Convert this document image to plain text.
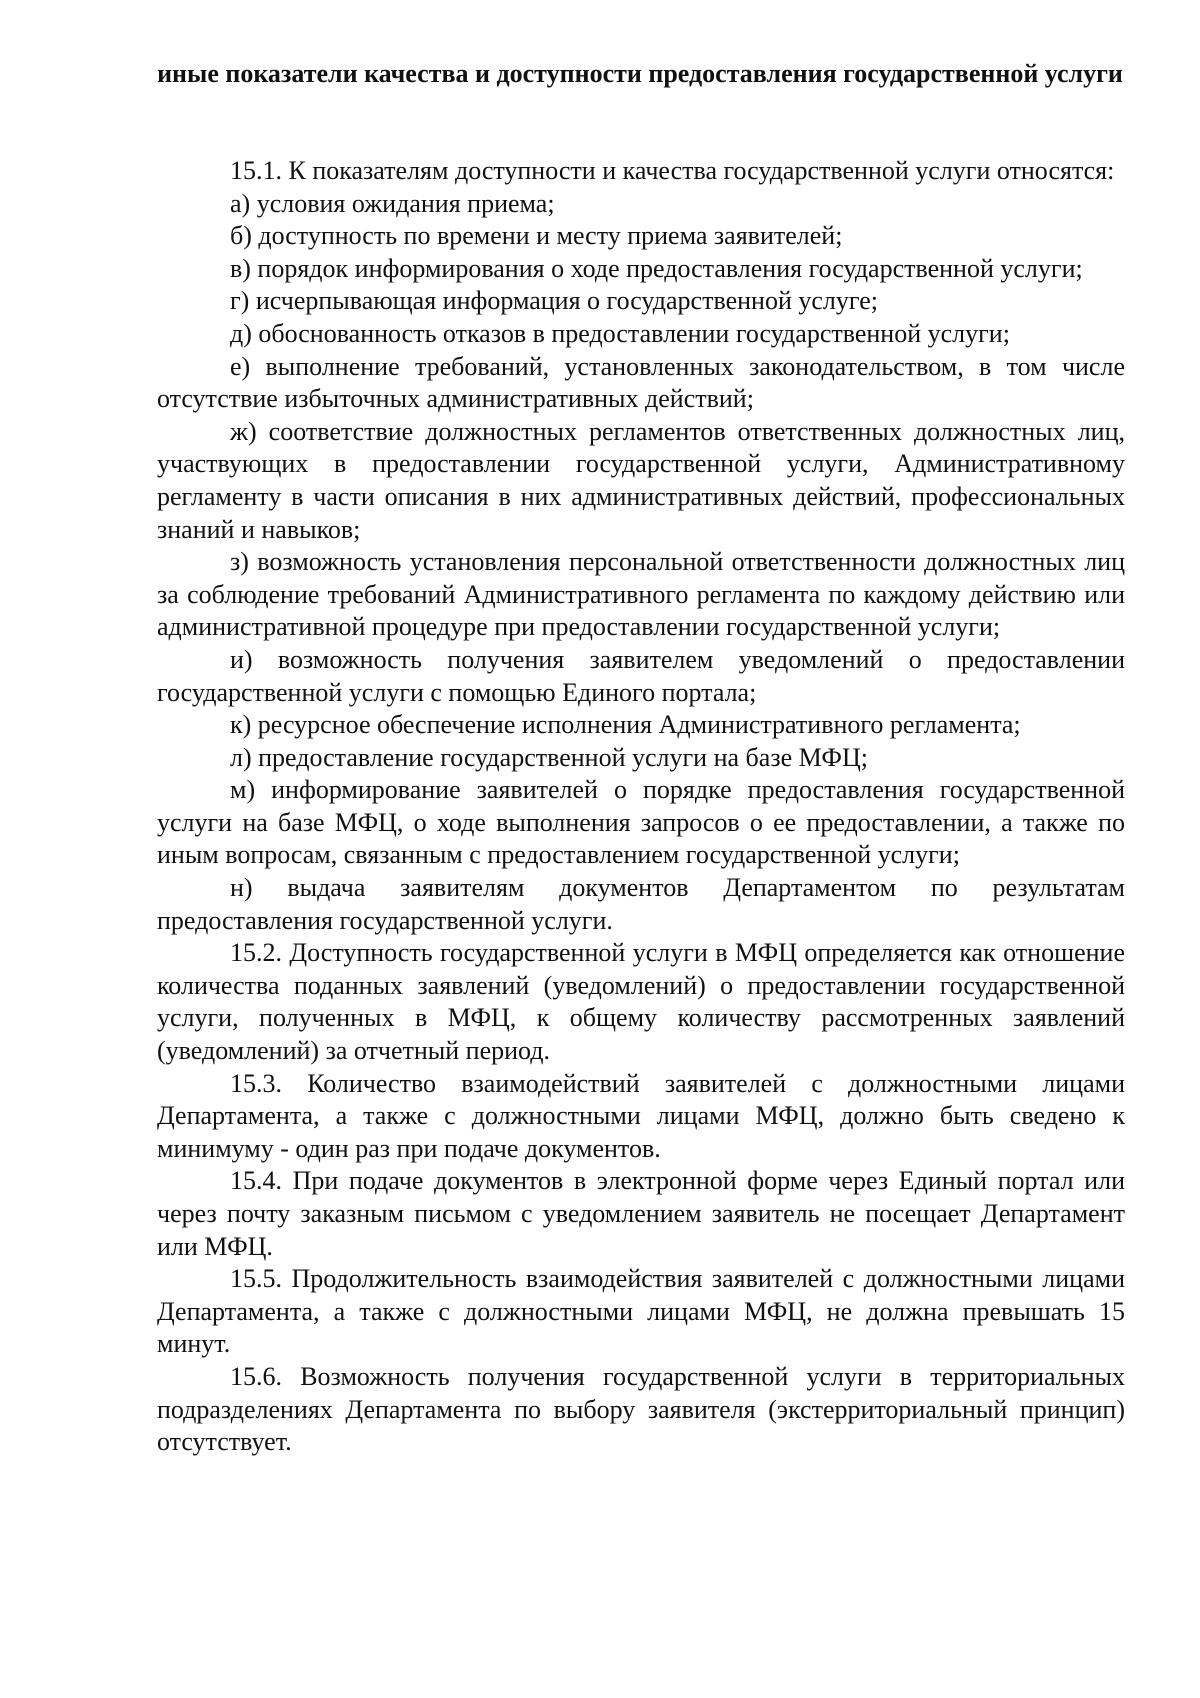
иные показатели качества и доступности предоставления государственной услуги

15.1. К показателям доступности и качества государственной услуги относятся:

а) условия ожидания приема;

б) доступность по времени и месту приема заявителей;

в) порядок информирования о ходе предоставления государственной услуги;

г) исчерпывающая информация о государственной услуге;

д) обоснованность отказов в предоставлении государственной услуги;

е) выполнение требований, установленных законодательством, в том числе отсутствие избыточных административных действий;

ж) соответствие должностных регламентов ответственных должностных лиц, участвующих в предоставлении государственной услуги, Административному регламенту в части описания в них административных действий, профессиональных знаний и навыков;

з) возможность установления персональной ответственности должностных лиц за соблюдение требований Административного регламента по каждому действию или административной процедуре при предоставлении государственной услуги;

и) возможность получения заявителем уведомлений о предоставлении государственной услуги с помощью Единого портала;

к) ресурсное обеспечение исполнения Административного регламента;

л) предоставление государственной услуги на базе МФЦ;

м) информирование заявителей о порядке предоставления государственной услуги на базе МФЦ, о ходе выполнения запросов о ее предоставлении, а также по иным вопросам, связанным с предоставлением государственной услуги;

н) выдача заявителям документов Департаментом по результатам предоставления государственной услуги.

15.2. Доступность государственной услуги в МФЦ определяется как отношение количества поданных заявлений (уведомлений) о предоставлении государственной услуги, полученных в МФЦ, к общему количеству рассмотренных заявлений (уведомлений) за отчетный период.

15.3. Количество взаимодействий заявителей с должностными лицами Департамента, а также с должностными лицами МФЦ, должно быть сведено к минимуму - один раз при подаче документов.

15.4. При подаче документов в электронной форме через Единый портал или через почту заказным письмом с уведомлением заявитель не посещает Департамент или МФЦ.

15.5. Продолжительность взаимодействия заявителей с должностными лицами Департамента, а также с должностными лицами МФЦ, не должна превышать 15 минут.

15.6. Возможность получения государственной услуги в территориальных подразделениях Департамента по выбору заявителя (экстерриториальный принцип) отсутствует.
